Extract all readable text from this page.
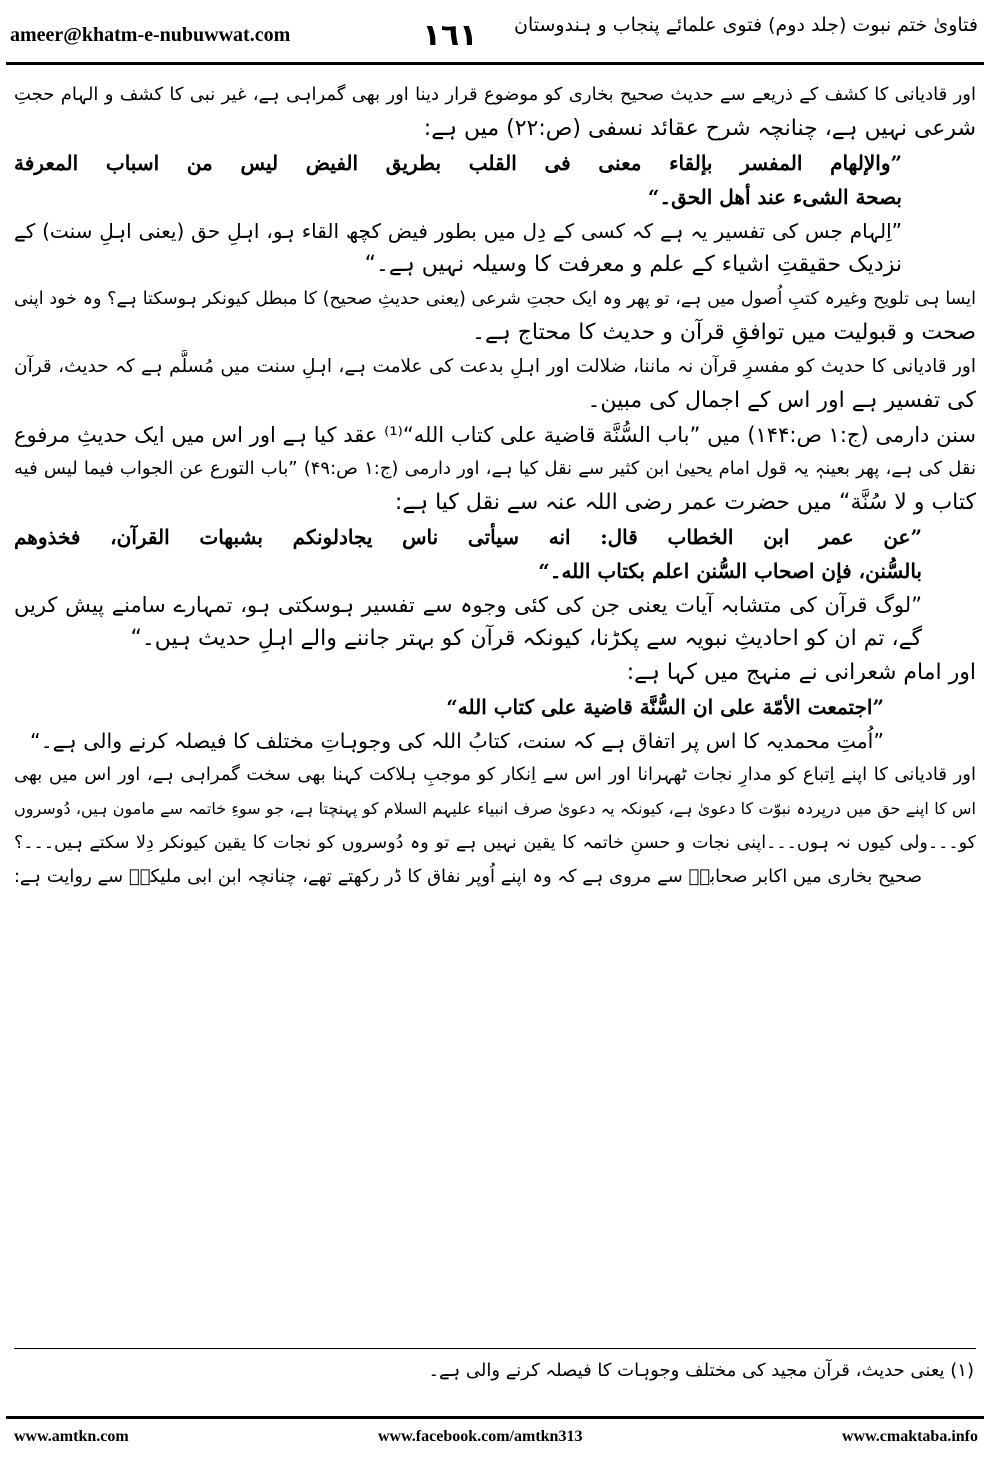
ameer@khatm-e-nubuwwat.com	١٦١	فتاویٰ ختم نبوت (جلد دوم) فتوی علمائے پنجاب و ہندوستان
اور قادیانی کا کشف کے ذریعے سے حدیث صحیح بخاری کو موضوع قرار دینا اور بھی گمراہی ہے، غیر نبی کا کشف و الہام حجتِ
شرعی نہیں ہے، چنانچہ شرح عقائد نسفی (ص:۲۲) میں ہے:
”والإلهام المفسر بإلقاء معنى فى القلب بطريق الفيض ليس من اسباب المعرفة
بصحة الشىء عند أهل الحق۔“
”اِلہام جس کی تفسیر یہ ہے کہ کسی کے دِل میں بطور فیض کچھ القاء ہو، اہلِ حق (یعنی اہلِ سنت) کے
نزدیک حقیقتِ اشیاء کے علم و معرفت کا وسیلہ نہیں ہے۔“
ایسا ہی تلویح وغیرہ کتبِ اُصول میں ہے، تو پھر وہ ایک حجتِ شرعی (یعنی حدیثِ صحیح) کا مبطل کیونکر ہوسکتا ہے؟ وہ خود اپنی
صحت و قبولیت میں توافقِ قرآن و حدیث کا محتاج ہے۔
اور قادیانی کا حدیث کو مفسرِ قرآن نہ ماننا، ضلالت اور اہلِ بدعت کی علامت ہے، اہلِ سنت میں مُسلَّم ہے کہ حدیث، قرآن
کی تفسیر ہے اور اس کے اجمال کی مبین۔
سنن دارمی (ج:۱ ص:۱۴۴) میں ”باب السُّنَّة قاضية على كتاب الله“⁽¹⁾ عقد کیا ہے اور اس میں ایک حدیثِ مرفوع
نقل کی ہے، پھر بعینہٖ یہ قول امام یحییٰ ابن کثیر سے نقل کیا ہے، اور دارمی (ج:۱ ص:۴۹) ”باب التورع عن الجواب فيما ليس فيه
كتاب و لا سُنَّة“ میں حضرت عمر رضی اللہ عنہ سے نقل کیا ہے:
”عن عمر ابن الخطاب قال: انه سيأتى ناس يجادلونكم بشبهات القرآن، فخذوهم
بالسُّنن، فإن اصحاب السُّنن اعلم بكتاب الله۔“
”لوگ قرآن کی متشابہ آیات یعنی جن کی کئی وجوہ سے تفسیر ہوسکتی ہو، تمہارے سامنے پیش کریں
گے، تم ان کو احادیثِ نبویہ سے پکڑنا، کیونکہ قرآن کو بہتر جاننے والے اہلِ حدیث ہیں۔“
اور امام شعرانی نے منہج میں کہا ہے:
”اجتمعت الأمّة على ان السُّنَّة قاضية على كتاب الله“
”اُمتِ محمدیہ کا اس پر اتفاق ہے کہ سنت، کتابُ اللہ کی وجوہاتِ مختلف کا فیصلہ کرنے والی ہے۔“
اور قادیانی کا اپنے اِتباع کو مدارِ نجات ٹھہرانا اور اس سے اِنکار کو موجبِ ہلاکت کہنا بھی سخت گمراہی ہے، اور اس میں بھی
اس کا اپنے حق میں درپردہ نبوّت کا دعویٰ ہے، کیونکہ یہ دعویٰ صرف انبیاء علیہم السلام کو پہنچتا ہے، جو سوءِ خاتمہ سے مامون ہیں، دُوسروں
کو۔۔۔ولی کیوں نہ ہوں۔۔۔اپنی نجات و حسنِ خاتمہ کا یقین نہیں ہے تو وہ دُوسروں کو نجات کا یقین کیونکر دِلا سکتے ہیں۔۔۔؟
صحیح بخاری میں اکابر صحابہؓ سے مروی ہے کہ وہ اپنے اُوپر نفاق کا ڈر رکھتے تھے، چنانچہ ابن ابی ملیکہؒ سے روایت ہے:
(۱) یعنی حدیث، قرآن مجید کی مختلف وجوہات کا فیصلہ کرنے والی ہے۔
www.amtkn.com	www.facebook.com/amtkn313	www.cmaktaba.info
